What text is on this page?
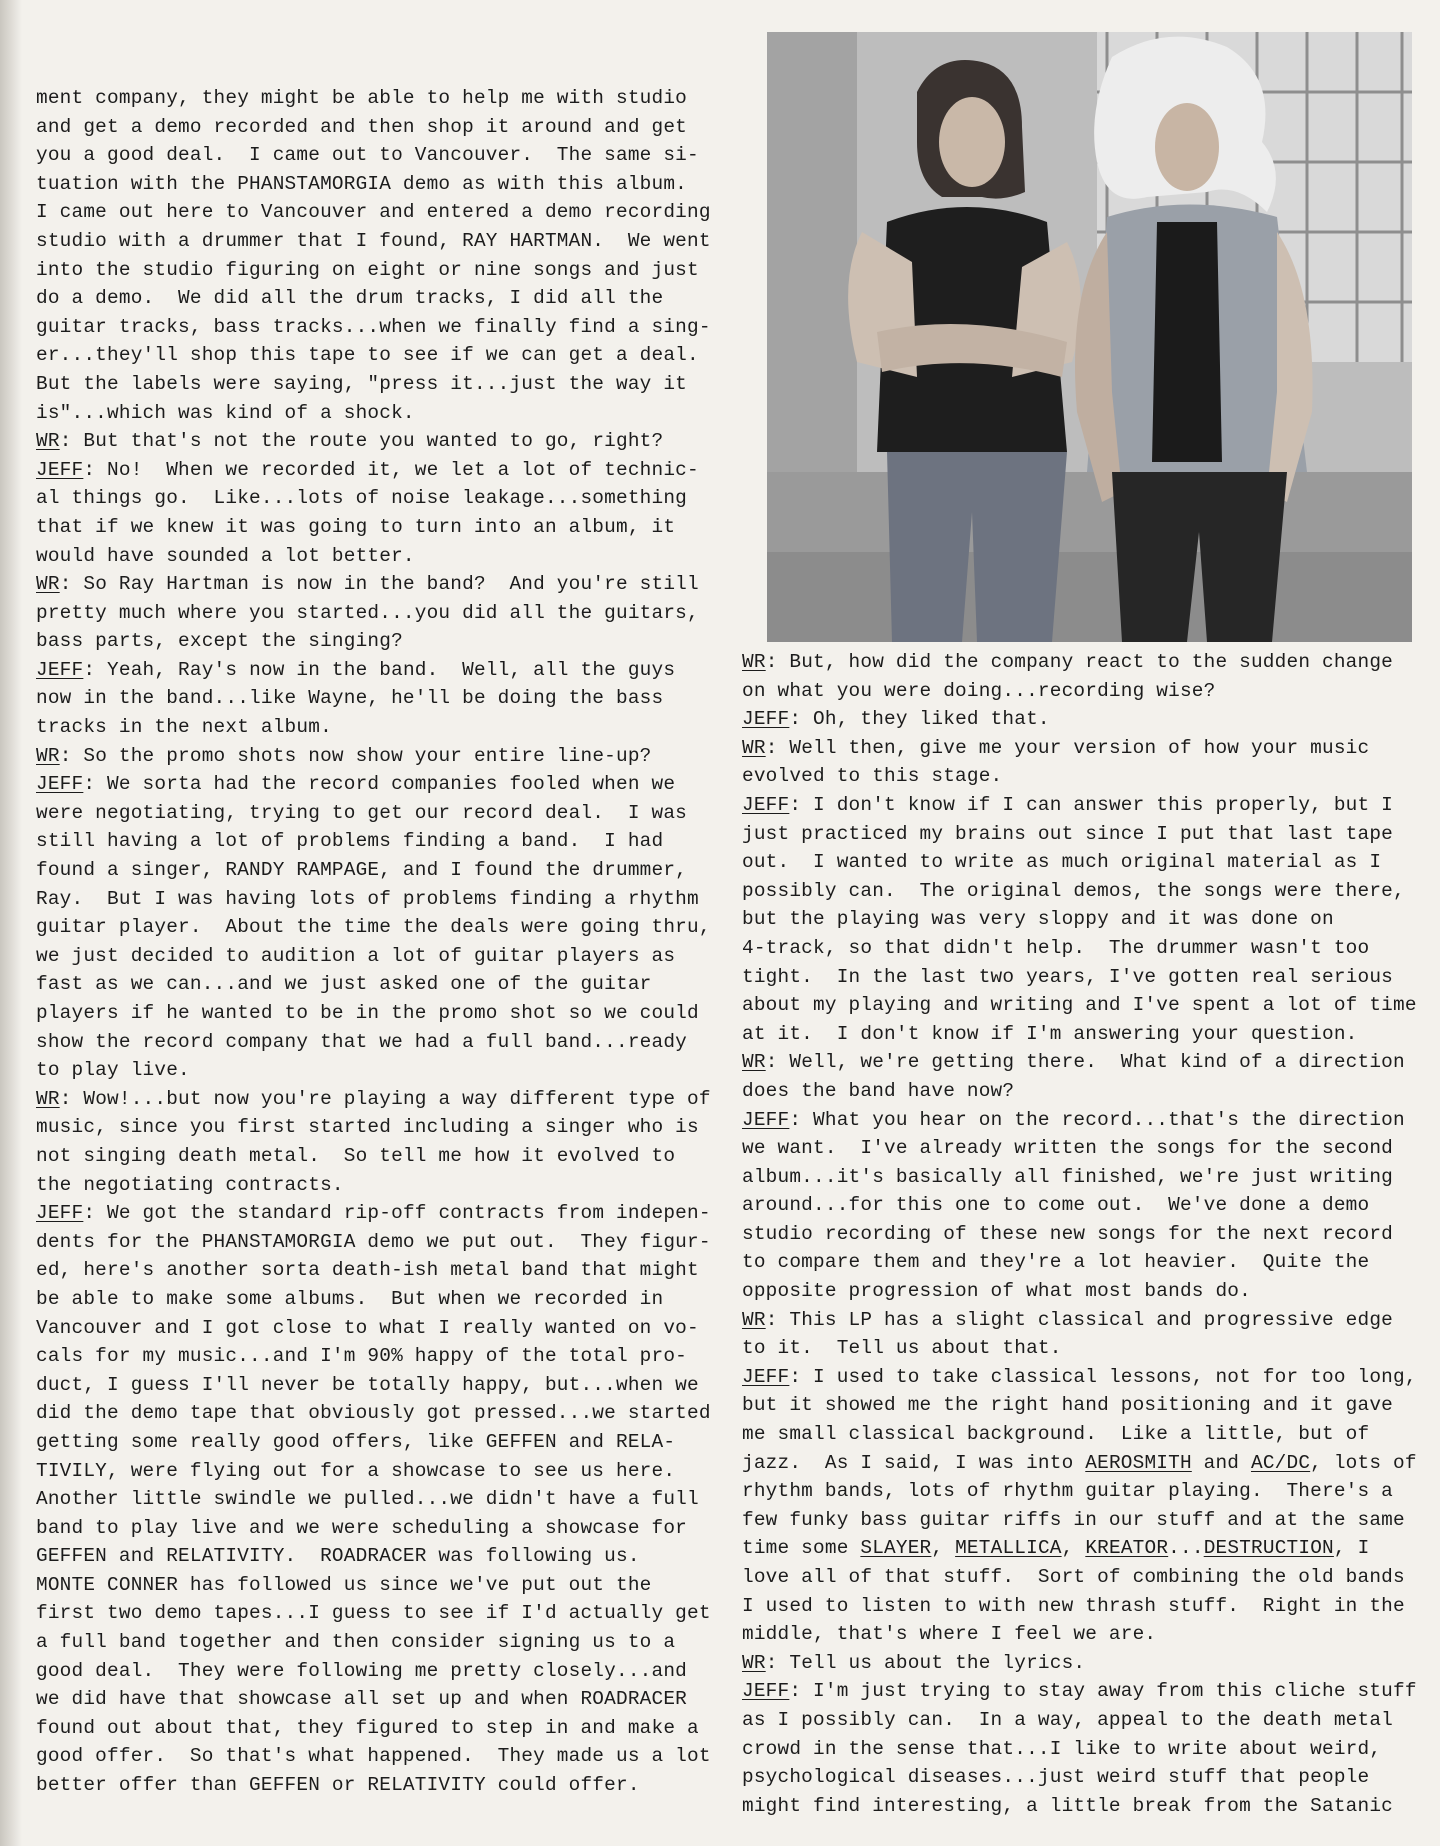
ment company, they might be able to help me with studio
and get a demo recorded and then shop it around and get
you a good deal.  I came out to Vancouver.  The same si-
tuation with the PHANSTAMORGIA demo as with this album.
I came out here to Vancouver and entered a demo recording
studio with a drummer that I found, RAY HARTMAN.  We went
into the studio figuring on eight or nine songs and just
do a demo.  We did all the drum tracks, I did all the
guitar tracks, bass tracks...when we finally find a sing-
er...they'll shop this tape to see if we can get a deal.
But the labels were saying, "press it...just the way it
is"...which was kind of a shock.
WR: But that's not the route you wanted to go, right?
JEFF: No!  When we recorded it, we let a lot of technic-
al things go.  Like...lots of noise leakage...something
that if we knew it was going to turn into an album, it
would have sounded a lot better.
WR: So Ray Hartman is now in the band?  And you're still
pretty much where you started...you did all the guitars,
bass parts, except the singing?
JEFF: Yeah, Ray's now in the band.  Well, all the guys
now in the band...like Wayne, he'll be doing the bass
tracks in the next album.
WR: So the promo shots now show your entire line-up?
JEFF: We sorta had the record companies fooled when we
were negotiating, trying to get our record deal.  I was
still having a lot of problems finding a band.  I had
found a singer, RANDY RAMPAGE, and I found the drummer,
Ray.  But I was having lots of problems finding a rhythm
guitar player.  About the time the deals were going thru,
we just decided to audition a lot of guitar players as
fast as we can...and we just asked one of the guitar
players if he wanted to be in the promo shot so we could
show the record company that we had a full band...ready
to play live.
WR: Wow!...but now you're playing a way different type of
music, since you first started including a singer who is
not singing death metal.  So tell me how it evolved to
the negotiating contracts.
JEFF: We got the standard rip-off contracts from indepen-
dents for the PHANSTAMORGIA demo we put out.  They figur-
ed, here's another sorta death-ish metal band that might
be able to make some albums.  But when we recorded in
Vancouver and I got close to what I really wanted on vo-
cals for my music...and I'm 90% happy of the total pro-
duct, I guess I'll never be totally happy, but...when we
did the demo tape that obviously got pressed...we started
getting some really good offers, like GEFFEN and RELA-
TIVILY, were flying out for a showcase to see us here.
Another little swindle we pulled...we didn't have a full
band to play live and we were scheduling a showcase for
GEFFEN and RELATIVITY.  ROADRACER was following us.
MONTE CONNER has followed us since we've put out the
first two demo tapes...I guess to see if I'd actually get
a full band together and then consider signing us to a
good deal.  They were following me pretty closely...and
we did have that showcase all set up and when ROADRACER
found out about that, they figured to step in and make a
good offer.  So that's what happened.  They made us a lot
better offer than GEFFEN or RELATIVITY could offer.
WR: But, how did the company react to the sudden change
on what you were doing...recording wise?
JEFF: Oh, they liked that.
WR: Well then, give me your version of how your music
evolved to this stage.
JEFF: I don't know if I can answer this properly, but I
just practiced my brains out since I put that last tape
out.  I wanted to write as much original material as I
possibly can.  The original demos, the songs were there,
but the playing was very sloppy and it was done on
4-track, so that didn't help.  The drummer wasn't too
tight.  In the last two years, I've gotten real serious
about my playing and writing and I've spent a lot of time
at it.  I don't know if I'm answering your question.
WR: Well, we're getting there.  What kind of a direction
does the band have now?
JEFF: What you hear on the record...that's the direction
we want.  I've already written the songs for the second
album...it's basically all finished, we're just writing
around...for this one to come out.  We've done a demo
studio recording of these new songs for the next record
to compare them and they're a lot heavier.  Quite the
opposite progression of what most bands do.
WR: This LP has a slight classical and progressive edge
to it.  Tell us about that.
JEFF: I used to take classical lessons, not for too long,
but it showed me the right hand positioning and it gave
me small classical background.  Like a little, but of
jazz.  As I said, I was into AEROSMITH and AC/DC, lots of
rhythm bands, lots of rhythm guitar playing.  There's a
few funky bass guitar riffs in our stuff and at the same
time some SLAYER, METALLICA, KREATOR...DESTRUCTION, I
love all of that stuff.  Sort of combining the old bands
I used to listen to with new thrash stuff.  Right in the
middle, that's where I feel we are.
WR: Tell us about the lyrics.
JEFF: I'm just trying to stay away from this cliche stuff
as I possibly can.  In a way, appeal to the death metal
crowd in the sense that...I like to write about weird,
psychological diseases...just weird stuff that people
might find interesting, a little break from the Satanic
